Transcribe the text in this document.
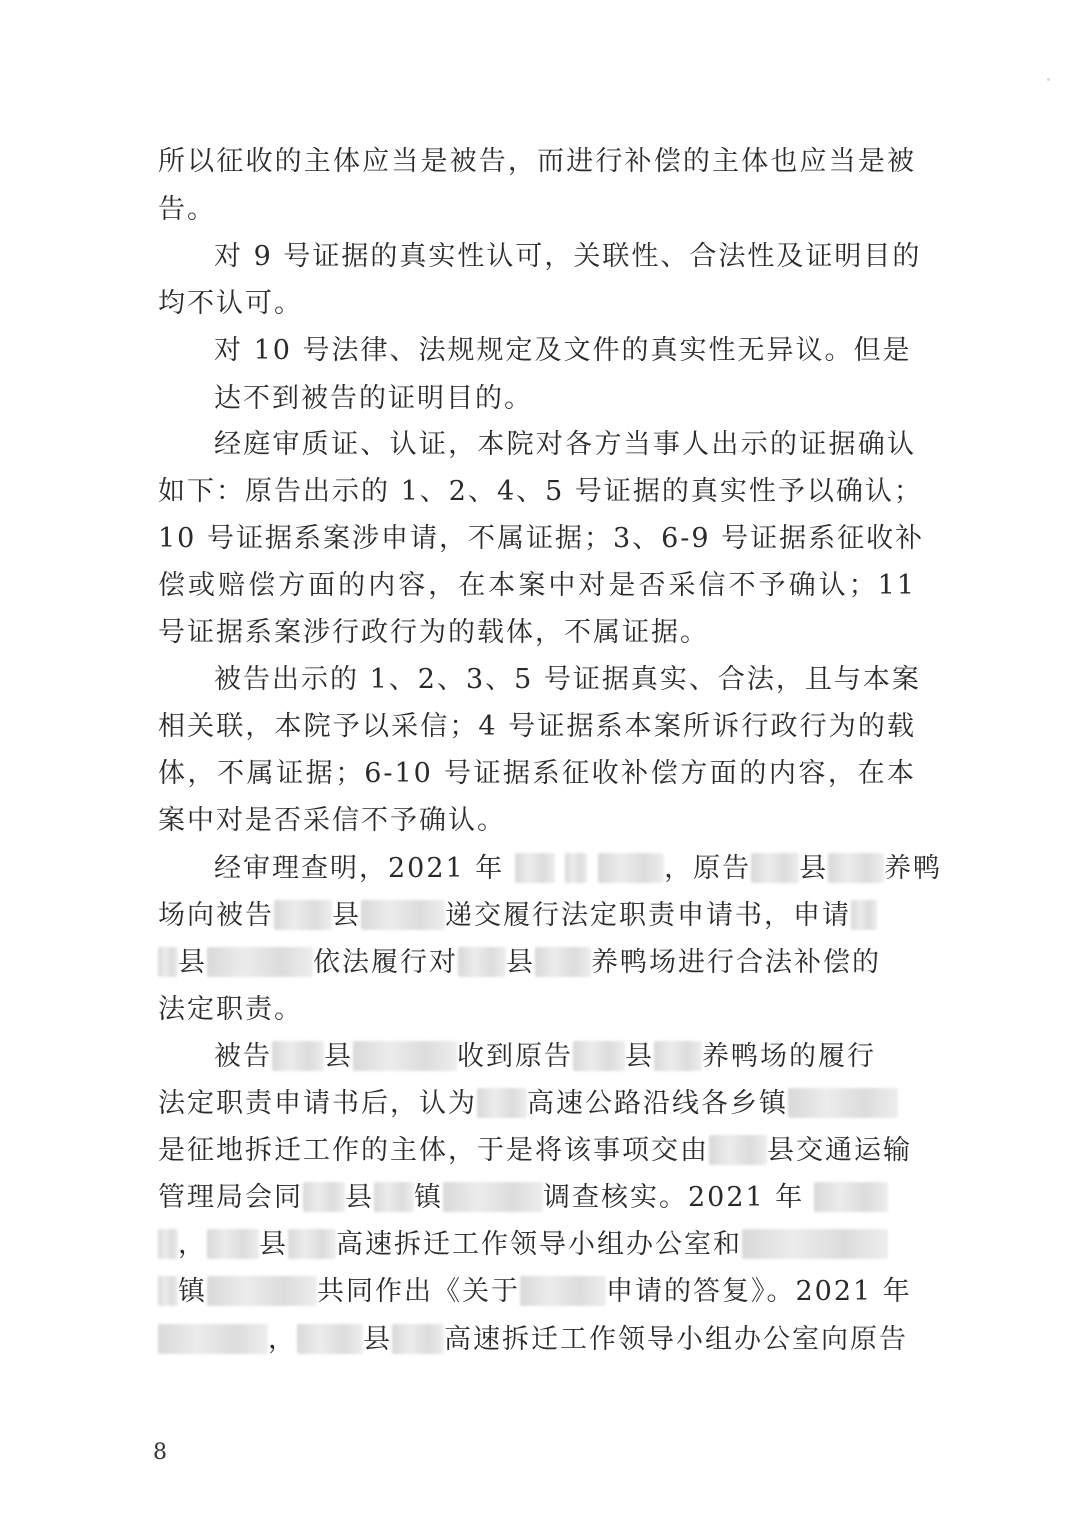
所以征收的主体应当是被告，而进行补偿的主体也应当是被
告。
对 9 号证据的真实性认可，关联性、合法性及证明目的
均不认可。
对 10 号法律、法规规定及文件的真实性无异议。但是
达不到被告的证明目的。
经庭审质证、认证，本院对各方当事人出示的证据确认
如下：原告出示的 1、2、4、5 号证据的真实性予以确认；
10 号证据系案涉申请，不属证据；3、6-9 号证据系征收补
偿或赔偿方面的内容，在本案中对是否采信不予确认；11
号证据系案涉行政行为的载体，不属证据。
被告出示的 1、2、3、5 号证据真实、合法，且与本案
相关联，本院予以采信；4 号证据系本案所诉行政行为的载
体，不属证据；6-10 号证据系征收补偿方面的内容，在本
案中对是否采信不予确认。
经审理查明，2021 年	，原告 县 养鸭
场向被告 县	递交履行法定职责申请书，申请
县	依法履行对 县 养鸭场进行合法补偿的
法定职责。
被告 县	收到原告 县 养鸭场的履行
法定职责申请书后，认为 高速公路沿线各乡镇
是征地拆迁工作的主体，于是将该事项交由 县交通运输
管理局会同 县 镇	调查核实。2021 年
， 县 高速拆迁工作领导小组办公室和
镇	共同作出《关于	申请的答复》。2021 年
， 县 高速拆迁工作领导小组办公室向原告
8
